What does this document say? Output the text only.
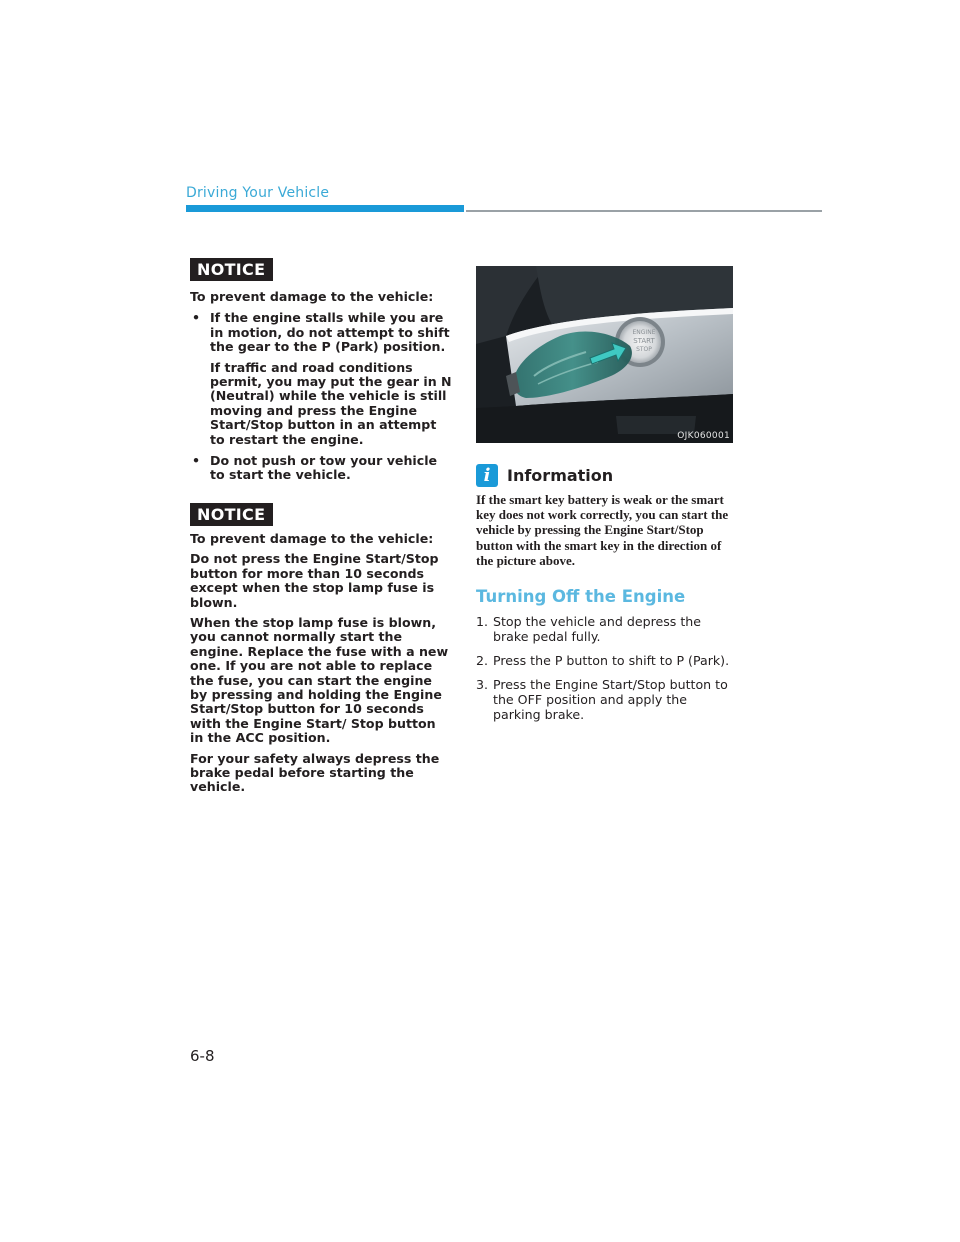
Driving Your Vehicle
NOTICE

To prevent damage to the vehicle:

• If the engine stalls while you are in motion, do not attempt to shift the gear to the P (Park) position.
If traffic and road conditions permit, you may put the gear in N (Neutral) while the vehicle is still moving and press the Engine Start/Stop button in an attempt to restart the engine.
• Do not push or tow your vehicle to start the vehicle.
NOTICE

To prevent damage to the vehicle:

Do not press the Engine Start/Stop button for more than 10 seconds except when the stop lamp fuse is blown.

When the stop lamp fuse is blown, you cannot normally start the engine. Replace the fuse with a new one. If you are not able to replace the fuse, you can start the engine by pressing and holding the Engine Start/Stop button for 10 seconds with the Engine Start/ Stop button in the ACC position.

For your safety always depress the brake pedal before starting the vehicle.

ENGINE
START
STOP
OJK060001
i	Information
If the smart key battery is weak or the smart key does not work correctly, you can start the vehicle by pressing the Engine Start/Stop button with the smart key in the direction of the picture above.
Turning Off the Engine
1. Stop the vehicle and depress the brake pedal fully.
2. Press the P button to shift to P (Park).
3. Press the Engine Start/Stop button to the OFF position and apply the parking brake.
6-8
